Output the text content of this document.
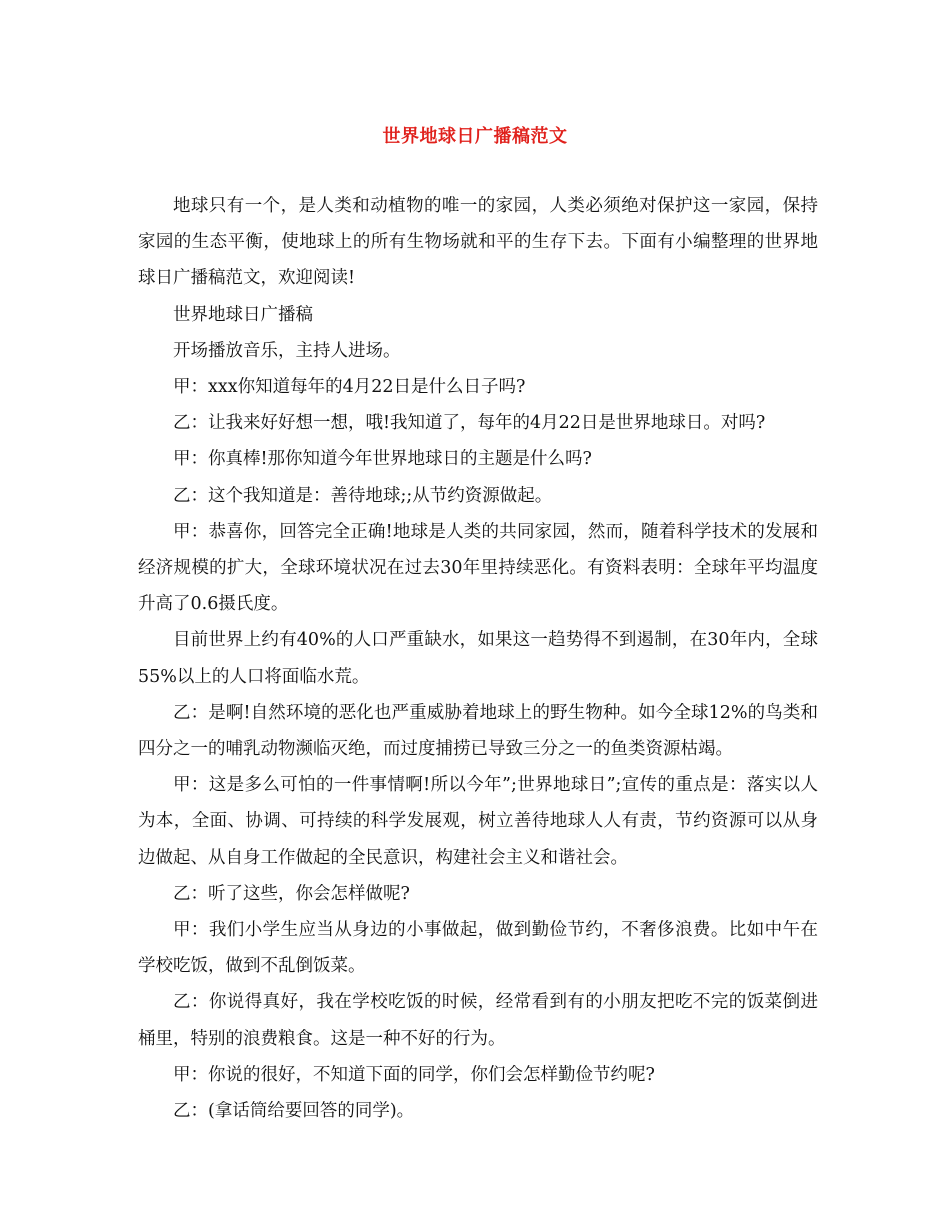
世界地球日广播稿范文

地球只有一个，是人类和动植物的唯一的家园，人类必须绝对保护这一家园，保持家园的生态平衡，使地球上的所有生物场就和平的生存下去。下面有小编整理的世界地球日广播稿范文，欢迎阅读!

世界地球日广播稿

开场播放音乐，主持人进场。

甲：xxx你知道每年的4月22日是什么日子吗?

乙：让我来好好想一想，哦!我知道了，每年的4月22日是世界地球日。对吗?

甲：你真棒!那你知道今年世界地球日的主题是什么吗?

乙：这个我知道是：善待地球;;从节约资源做起。

甲：恭喜你，回答完全正确!地球是人类的共同家园，然而，随着科学技术的发展和经济规模的扩大，全球环境状况在过去30年里持续恶化。有资料表明：全球年平均温度升高了0.6摄氏度。

目前世界上约有40%的人口严重缺水，如果这一趋势得不到遏制，在30年内，全球55%以上的人口将面临水荒。

乙：是啊!自然环境的恶化也严重威胁着地球上的野生物种。如今全球12%的鸟类和四分之一的哺乳动物濒临灭绝，而过度捕捞已导致三分之一的鱼类资源枯竭。

甲：这是多么可怕的一件事情啊!所以今年”;世界地球日”;宣传的重点是：落实以人为本，全面、协调、可持续的科学发展观，树立善待地球人人有责，节约资源可以从身边做起、从自身工作做起的全民意识，构建社会主义和谐社会。

乙：听了这些，你会怎样做呢?

甲：我们小学生应当从身边的小事做起，做到勤俭节约，不奢侈浪费。比如中午在学校吃饭，做到不乱倒饭菜。

乙：你说得真好，我在学校吃饭的时候，经常看到有的小朋友把吃不完的饭菜倒进桶里，特别的浪费粮食。这是一种不好的行为。

甲：你说的很好，不知道下面的同学，你们会怎样勤俭节约呢?

乙：(拿话筒给要回答的同学)。
